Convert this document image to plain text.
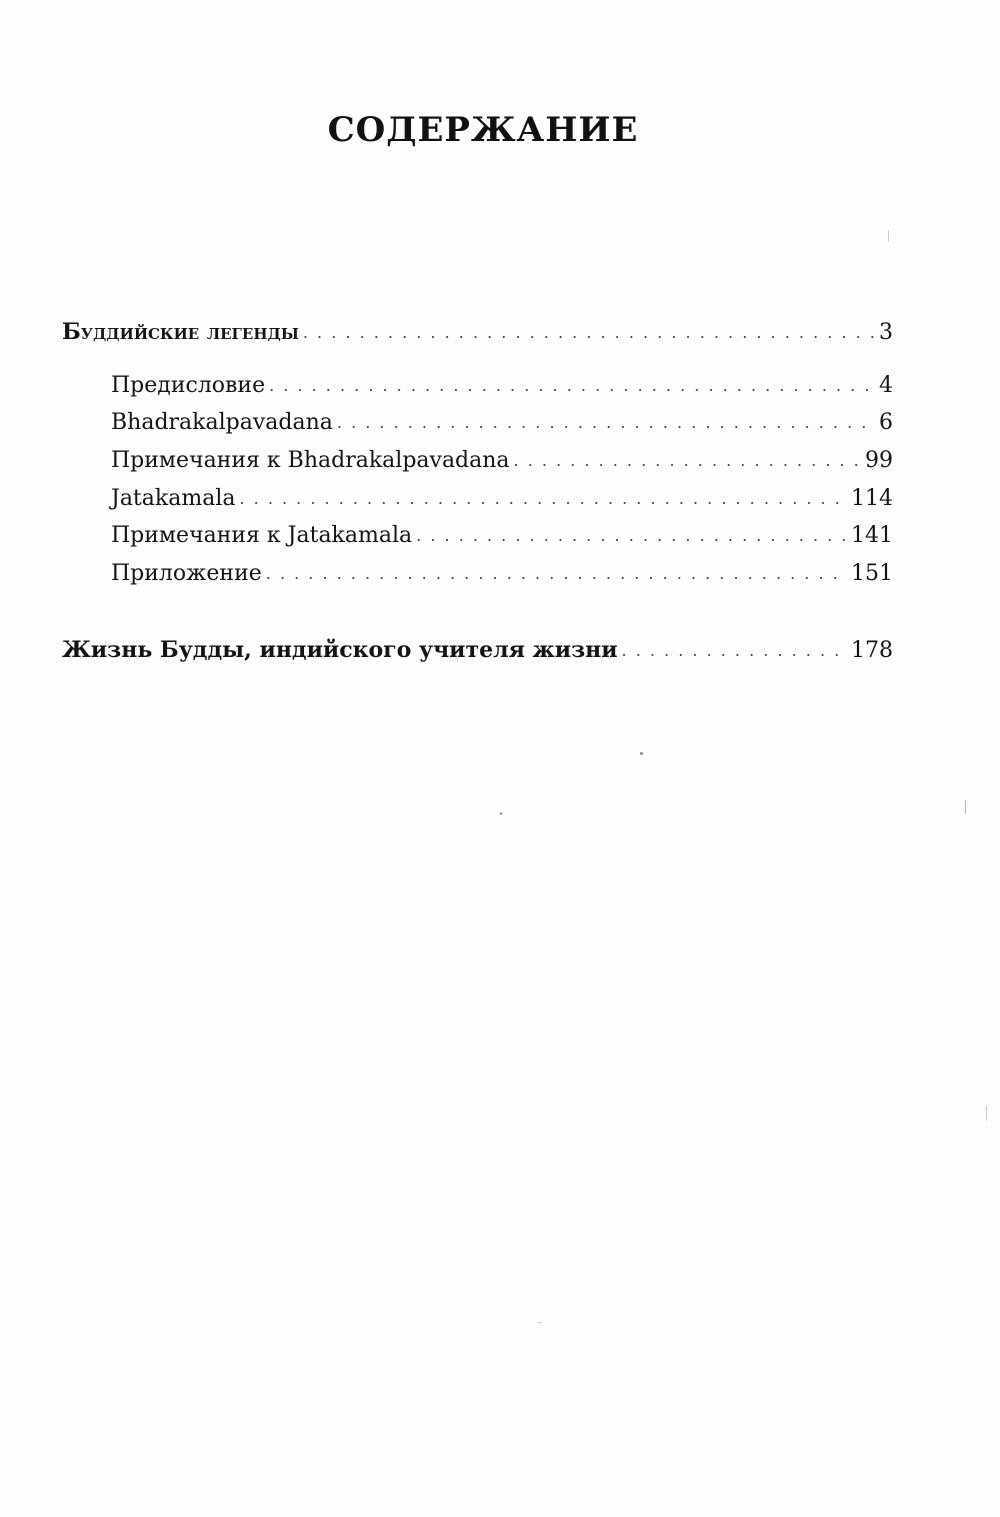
СОДЕРЖАНИЕ
Буддийские легенды . . .	3
Предисловие . . .	4
Bhadrakalpavadana . . .	6
Примечания к Bhadrakalpavadana . . .	99
Jatakamala . . .	114
Примечания к Jatakamala . . .	141
Приложение . . .	151
Жизнь Будды, индийского учителя жизни . . .	178
